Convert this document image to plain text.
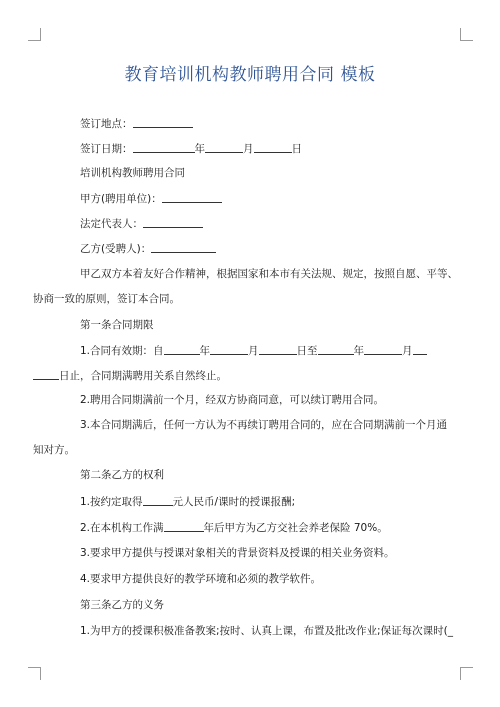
教育培训机构教师聘用合同 模板

签订地点：

签订日期：	年	月	日

培训机构教师聘用合同

甲方(聘用单位)：

法定代表人：

乙方(受聘人)：

甲乙双方本着友好合作精神，根据国家和本市有关法规、规定，按照自愿、平等、

协商一致的原则，签订本合同。

第一条合同期限

1.合同有效期：自	年	月	日至	年	月

日止，合同期满聘用关系自然终止。

2.聘用合同期满前一个月，经双方协商同意，可以续订聘用合同。

3.本合同期满后，任何一方认为不再续订聘用合同的，应在合同期满前一个月通

知对方。

第二条乙方的权利

1.按约定取得	元人民币/课时的授课报酬;

2.在本机构工作满	年后甲方为乙方交社会养老保险 70%。

3.要求甲方提供与授课对象相关的背景资料及授课的相关业务资料。

4.要求甲方提供良好的教学环境和必须的教学软件。

第三条乙方的义务

1.为甲方的授课积极准备教案;按时、认真上课，布置及批改作业;保证每次课时(_
